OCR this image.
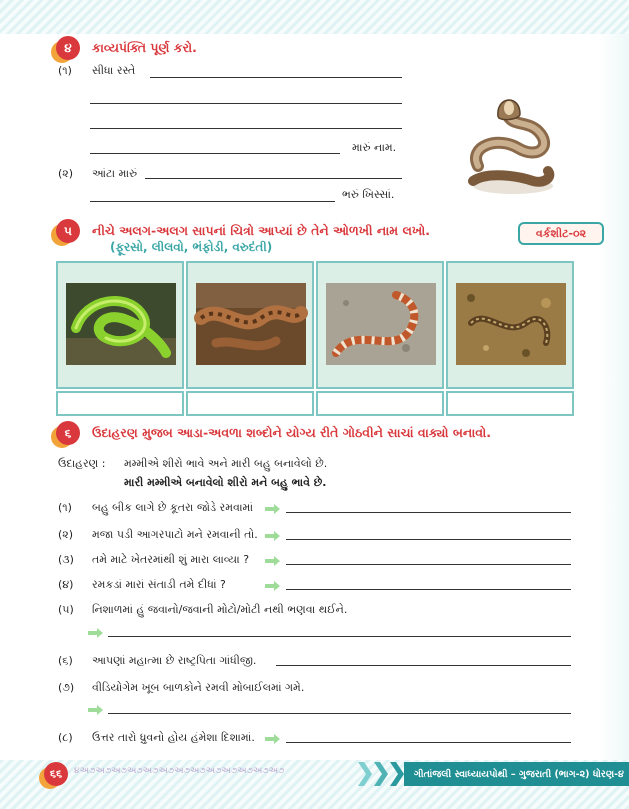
૪	કાવ્યપંક્તિ પૂર્ણ કરો.
(૧) સીધા રસ્તે
મારું નામ.
(૨) આંટા મારું
ભરું ખિસ્સાં.
૫	નીચે અલગ-અલગ સાપનાં ચિત્રો આપ્યાં છે તેને ઓળખી નામ લખો.
(ફૂરસો, લીલવો, ભંફોડી, વરુદંતી)
વર્કશીટ-૦૨
૬	ઉદાહરણ મુજબ આડા-અવળા શબ્દોને યોગ્ય રીતે ગોઠવીને સાચાં વાક્યો બનાવો.
ઉદાહરણ : મમ્મીએ શીરો ભાવે અને મારી બહુ બનાવેલો છે.
મારી મમ્મીએ બનાવેલો શીરો મને બહુ ભાવે છે.
(૧) બહુ બીક લાગે છે કૂતરા જોડે રમવામાં
(૨) મજા પડી આગરપાટો મને રમવાની તો.
(૩) તમે માટે ખેતરમાંથી શું મારા લાવ્યા ?
(૪) રમકડાં મારાં સંતાડી તમે દીધાં ?
(૫) નિશાળમાં હું જવાનો/જવાની મોટો/મોટી નથી ભણવા થઈને.
(૬) આપણાં મહાત્મા છે રાષ્ટ્રપિતા ગાંધીજી.
(૭) વીડિયોગેમ ખૂબ બાળકોને રમવી મોબાઈલમાં ગમે.
(૮) ઉત્તર તારો ધ્રુવનો હોય હંમેશા દિશામાં.
૬૬	૪અ૭અ૭અ૭અ૭અ૭અ૭અ૭અ૭અ૭અ૭અ૭અ૭અ૭	ગીતાંજલી સ્વાધ્યાયપોથી – ગુજરાતી (ભાગ-૨) ધોરણ-૪
